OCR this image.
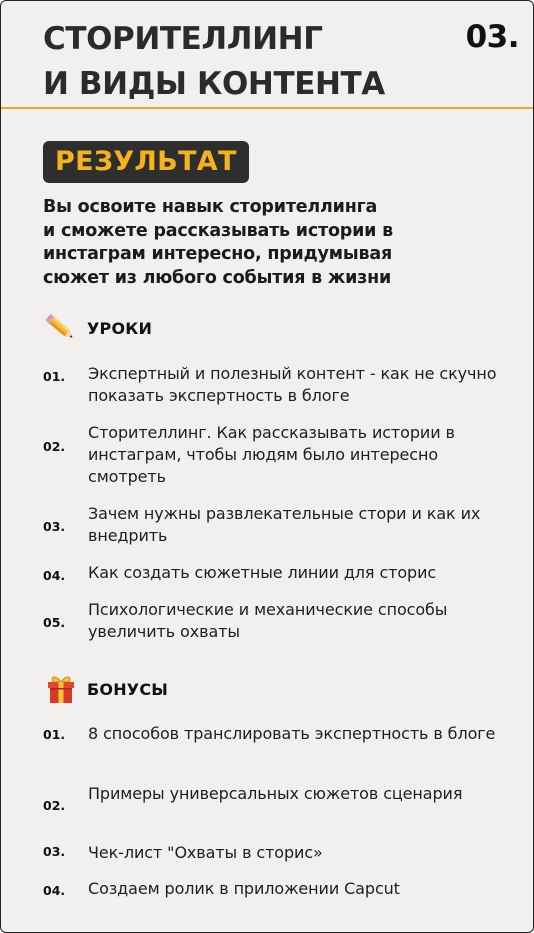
СТОРИТЕЛЛИНГ
И ВИДЫ КОНТЕНТА
03.
РЕЗУЛЬТАТ

Вы освоите навык сторителлинга
и сможете рассказывать истории в
инстаграм интересно, придумывая
сюжет из любого события в жизни

УРОКИ
01. Экспертный и полезный контент - как не скучно показать экспертность в блоге
02.
Сторителлинг. Как рассказывать истории в инстаграм, чтобы людям было интересно смотреть
03.
Зачем нужны развлекательные стори и как их внедрить
04. Как создать сюжетные линии для сторис
05.
Психологические и механические способы увеличить охваты
БОНУСЫ
01. 8 способов транслировать экспертность в блоге
02.
Примеры универсальных сюжетов сценария
03. Чек-лист "Охваты в сторис»
04. Создаем ролик в приложении Capcut
